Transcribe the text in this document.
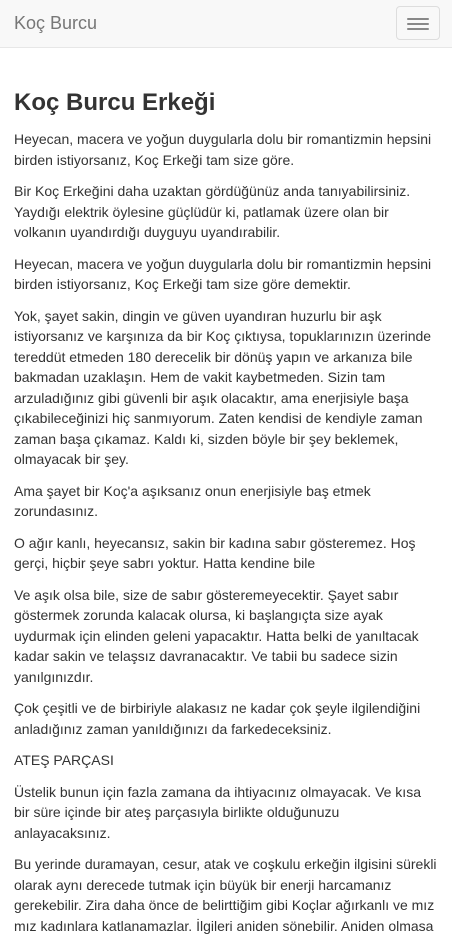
Koç Burcu
Koç Burcu Erkeği

Heyecan, macera ve yoğun duygularla dolu bir romantizmin hepsini birden istiyorsanız, Koç Erkeği tam size göre.

Bir Koç Erkeğini daha uzaktan gördüğünüz anda tanıyabilirsiniz. Yaydığı elektrik öylesine güçlüdür ki, patlamak üzere olan bir volkanın uyandırdığı duyguyu uyandırabilir.

Heyecan, macera ve yoğun duygularla dolu bir romantizmin hepsini birden istiyorsanız, Koç Erkeği tam size göre demektir.

Yok, şayet sakin, dingin ve güven uyandıran huzurlu bir aşk istiyorsanız ve karşınıza da bir Koç çıktıysa, topuklarınızın üzerinde tereddüt etmeden 180 derecelik bir dönüş yapın ve arkanıza bile bakmadan uzaklaşın. Hem de vakit kaybetmeden. Sizin tam arzuladığınız gibi güvenli bir aşık olacaktır, ama enerjisiyle başa çıkabileceğinizi hiç sanmıyorum. Zaten kendisi de kendiyle zaman zaman başa çıkamaz. Kaldı ki, sizden böyle bir şey beklemek, olmayacak bir şey.

Ama şayet bir Koç'a aşıksanız onun enerjisiyle baş etmek zorundasınız.

O ağır kanlı, heyecansız, sakin bir kadına sabır gösteremez. Hoş gerçi, hiçbir şeye sabrı yoktur. Hatta kendine bile

Ve aşık olsa bile, size de sabır gösteremeyecektir. Şayet sabır göstermek zorunda kalacak olursa, ki başlangıçta size ayak uydurmak için elinden geleni yapacaktır. Hatta belki de yanıltacak kadar sakin ve telaşsız davranacaktır. Ve tabii bu sadece sizin yanılgınızdır.

Çok çeşitli ve de birbiriyle alakasız ne kadar çok şeyle ilgilendiğini anladığınız zaman yanıldığınızı da farkedeceksiniz.

ATEŞ PARÇASI

Üstelik bunun için fazla zamana da ihtiyacınız olmayacak. Ve kısa bir süre içinde bir ateş parçasıyla birlikte olduğunuzu anlayacaksınız.

Bu yerinde duramayan, cesur, atak ve coşkulu erkeğin ilgisini sürekli olarak aynı derecede tutmak için büyük bir enerji harcamanız gerekebilir. Zira daha önce de belirttiğim gibi Koçlar ağırkanlı ve mız mız kadınlara katlanamazlar. İlgileri aniden sönebilir. Aniden olmasa
